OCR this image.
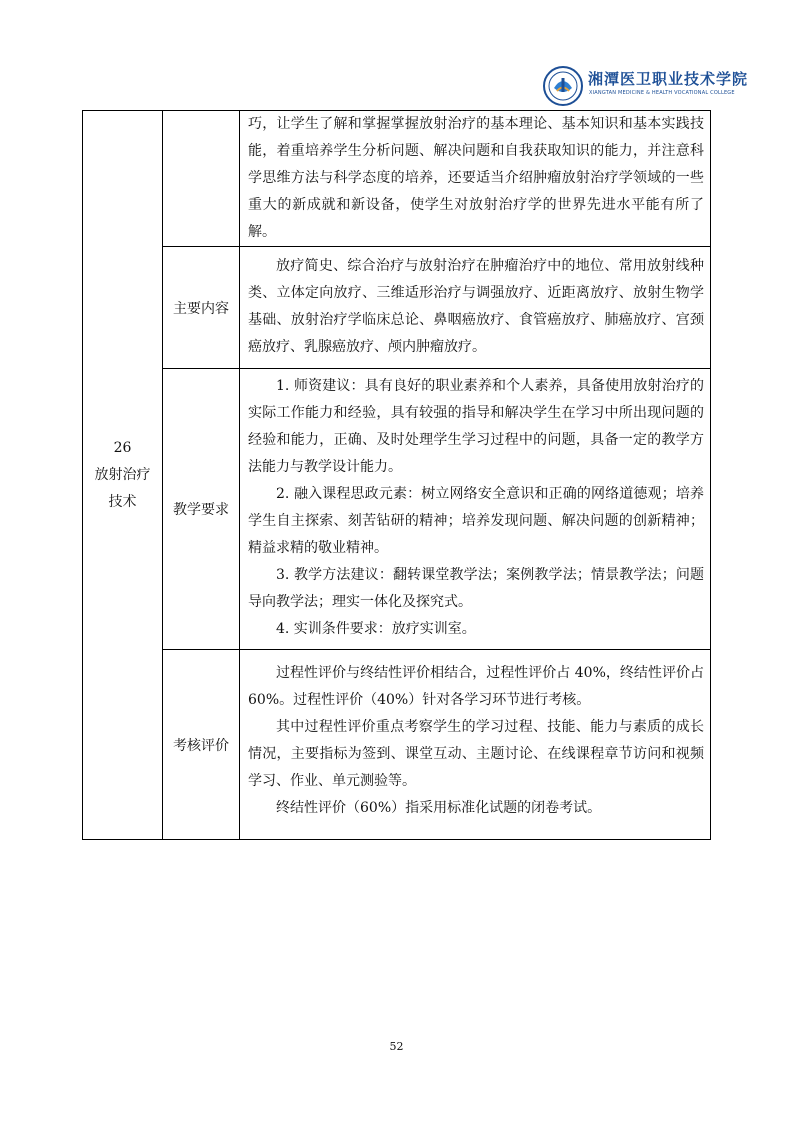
湘潭医卫职业技术学院
XIANGTAN MEDICINE & HEALTH VOCATIONAL COLLEGE
26
放射治疗
技术		巧，让学生了解和掌握掌握放射治疗的基本理论、基本知识和基本实践技能，着重培养学生分析问题、解决问题和自我获取知识的能力，并注意科学思维方法与科学态度的培养，还要适当介绍肿瘤放射治疗学领域的一些重大的新成就和新设备，使学生对放射治疗学的世界先进水平能有所了解。

	主要内容	放疗简史、综合治疗与放射治疗在肿瘤治疗中的地位、常用放射线种类、立体定向放疗、三维适形治疗与调强放疗、近距离放疗、放射生物学基础、放射治疗学临床总论、鼻咽癌放疗、食管癌放疗、肺癌放疗、宫颈癌放疗、乳腺癌放疗、颅内肿瘤放疗。

	教学要求	1. 师资建议：具有良好的职业素养和个人素养，具备使用放射治疗的实际工作能力和经验，具有较强的指导和解决学生在学习中所出现问题的经验和能力，正确、及时处理学生学习过程中的问题，具备一定的教学方法能力与教学设计能力。

2. 融入课程思政元素：树立网络安全意识和正确的网络道德观；培养学生自主探索、刻苦钻研的精神；培养发现问题、解决问题的创新精神；精益求精的敬业精神。

3. 教学方法建议：翻转课堂教学法；案例教学法；情景教学法；问题导向教学法；理实一体化及探究式。

4. 实训条件要求：放疗实训室。

	考核评价	过程性评价与终结性评价相结合，过程性评价占 40%，终结性评价占 60%。过程性评价（40%）针对各学习环节进行考核。

其中过程性评价重点考察学生的学习过程、技能、能力与素质的成长情况，主要指标为签到、课堂互动、主题讨论、在线课程章节访问和视频学习、作业、单元测验等。

终结性评价（60%）指采用标准化试题的闭卷考试。

52
